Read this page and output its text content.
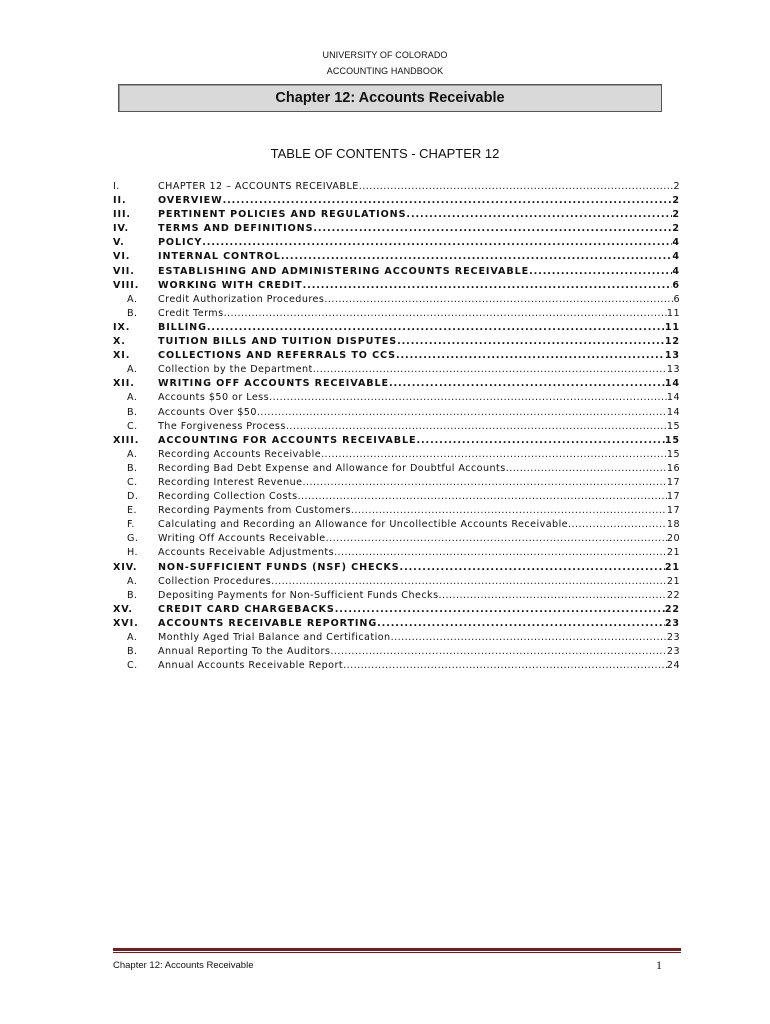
UNIVERSITY OF COLORADO
ACCOUNTING HANDBOOK
Chapter 12: Accounts Receivable
TABLE OF CONTENTS - CHAPTER 12
I.	CHAPTER 12 – ACCOUNTS RECEIVABLE .....	2
II.	OVERVIEW .....	2
III.	PERTINENT POLICIES AND REGULATIONS .....	2
IV.	TERMS AND DEFINITIONS .....	2
V.	POLICY .....	4
VI.	INTERNAL CONTROL .....	4
VII.	ESTABLISHING AND ADMINISTERING ACCOUNTS RECEIVABLE .....	4
VIII.	WORKING WITH CREDIT .....	6
A.	Credit Authorization Procedures .....	6
B.	Credit Terms .....	11
IX.	BILLING .....	11
X.	TUITION BILLS AND TUITION DISPUTES .....	12
XI.	COLLECTIONS AND REFERRALS TO CCS .....	13
A.	Collection by the Department .....	13
XII.	WRITING OFF ACCOUNTS RECEIVABLE .....	14
A.	Accounts $50 or Less .....	14
B.	Accounts Over $50 .....	14
C.	The Forgiveness Process .....	15
XIII.	ACCOUNTING FOR ACCOUNTS RECEIVABLE .....	15
A.	Recording Accounts Receivable .....	15
B.	Recording Bad Debt Expense and Allowance for Doubtful Accounts .....	16
C.	Recording Interest Revenue .....	17
D.	Recording Collection Costs .....	17
E.	Recording Payments from Customers .....	17
F.	Calculating and Recording an Allowance for Uncollectible Accounts Receivable .....	18
G.	Writing Off Accounts Receivable .....	20
H.	Accounts Receivable Adjustments .....	21
XIV.	NON-SUFFICIENT FUNDS (NSF) CHECKS .....	21
A.	Collection Procedures .....	21
B.	Depositing Payments for Non-Sufficient Funds Checks .....	22
XV.	CREDIT CARD CHARGEBACKS .....	22
XVI.	ACCOUNTS RECEIVABLE REPORTING .....	23
A.	Monthly Aged Trial Balance and Certification .....	23
B.	Annual Reporting To the Auditors .....	23
C.	Annual Accounts Receivable Report .....	24
Chapter 12: Accounts Receivable	1
